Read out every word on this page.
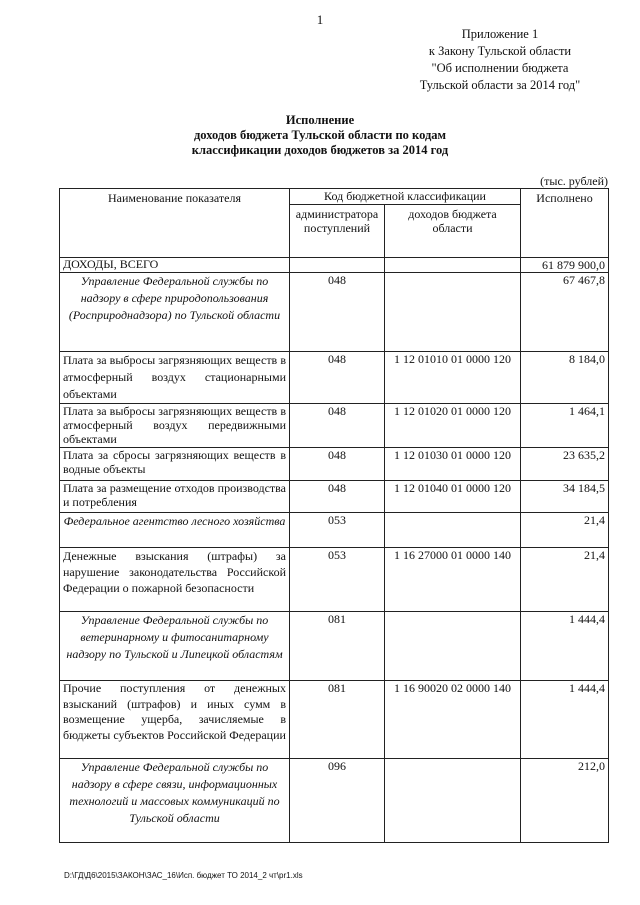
1
Приложение 1
к Закону Тульской области
"Об исполнении бюджета
Тульской области за 2014 год"
Исполнение
доходов бюджета Тульской области по кодам
классификации доходов бюджетов за 2014 год
(тыс. рублей)
Наименование показателя	Код бюджетной классификации		Исполнено
	администратора поступлений	доходов бюджета области	
ДОХОДЫ, ВСЕГО			61 879 900,0
Управление Федеральной службы по надзору в сфере природопользования (Росприроднадзора) по Тульской области	048		67 467,8
Плата за выбросы загрязняющих веществ в атмосферный воздух стационарными объектами	048	1 12 01010 01 0000 120	8 184,0
Плата за выбросы загрязняющих веществ в атмосферный воздух передвижными объектами	048	1 12 01020 01 0000 120	1 464,1
Плата за сбросы загрязняющих веществ в водные объекты	048	1 12 01030 01 0000 120	23 635,2
Плата за размещение отходов производства и потребления	048	1 12 01040 01 0000 120	34 184,5
Федеральное агентство лесного хозяйства	053		21,4
Денежные взыскания (штрафы) за нарушение законодательства Российской Федерации о пожарной безопасности	053	1 16 27000 01 0000 140	21,4
Управление Федеральной службы по ветеринарному и фитосанитарному надзору по Тульской и Липецкой областям	081		1 444,4
Прочие поступления от денежных взысканий (штрафов) и иных сумм в возмещение ущерба, зачисляемые в бюджеты субъектов Российской Федерации	081	1 16 90020 02 0000 140	1 444,4
Управление Федеральной службы по надзору в сфере связи, информационных технологий и массовых коммуникаций по Тульской области	096		212,0
D:\ГД\Д6\2015\ЗАКОН\ЗАС_16\Исп. бюджет ТО 2014_2 чт\pr1.xls
